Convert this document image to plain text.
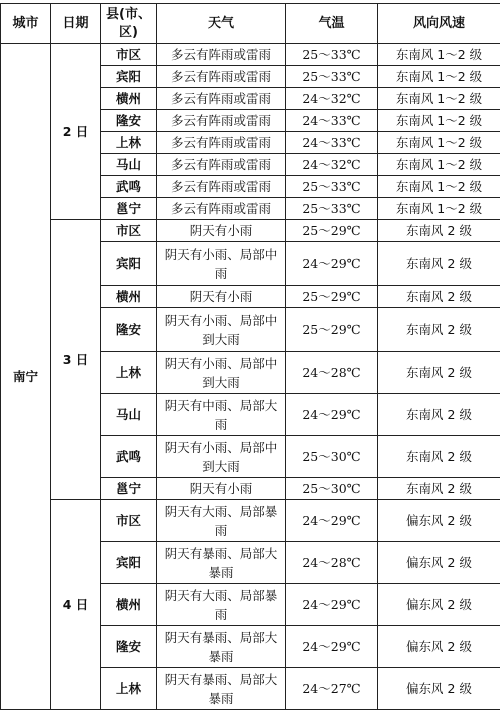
城市	日期	县(市、区)	天气	气温	风向风速
南宁	2 日	市区	多云有阵雨或雷雨	25～33℃	东南风 1～2 级
		宾阳	多云有阵雨或雷雨	25～33℃	东南风 1～2 级
		横州	多云有阵雨或雷雨	24～32℃	东南风 1～2 级
		隆安	多云有阵雨或雷雨	24～33℃	东南风 1～2 级
		上林	多云有阵雨或雷雨	24～33℃	东南风 1～2 级
		马山	多云有阵雨或雷雨	24～32℃	东南风 1～2 级
		武鸣	多云有阵雨或雷雨	25～33℃	东南风 1～2 级
		邕宁	多云有阵雨或雷雨	25～33℃	东南风 1～2 级
	3 日	市区	阴天有小雨	25～29℃	东南风 2 级
		宾阳	阴天有小雨、局部中雨	24～29℃	东南风 2 级
		横州	阴天有小雨	25～29℃	东南风 2 级
		隆安	阴天有小雨、局部中到大雨	25～29℃	东南风 2 级
		上林	阴天有小雨、局部中到大雨	24～28℃	东南风 2 级
		马山	阴天有中雨、局部大雨	24～29℃	东南风 2 级
		武鸣	阴天有小雨、局部中到大雨	25～30℃	东南风 2 级
		邕宁	阴天有小雨	25～30℃	东南风 2 级
	4 日	市区	阴天有大雨、局部暴雨	24～29℃	偏东风 2 级
		宾阳	阴天有暴雨、局部大暴雨	24～28℃	偏东风 2 级
		横州	阴天有大雨、局部暴雨	24～29℃	偏东风 2 级
		隆安	阴天有暴雨、局部大暴雨	24～29℃	偏东风 2 级
		上林	阴天有暴雨、局部大暴雨	24～27℃	偏东风 2 级
